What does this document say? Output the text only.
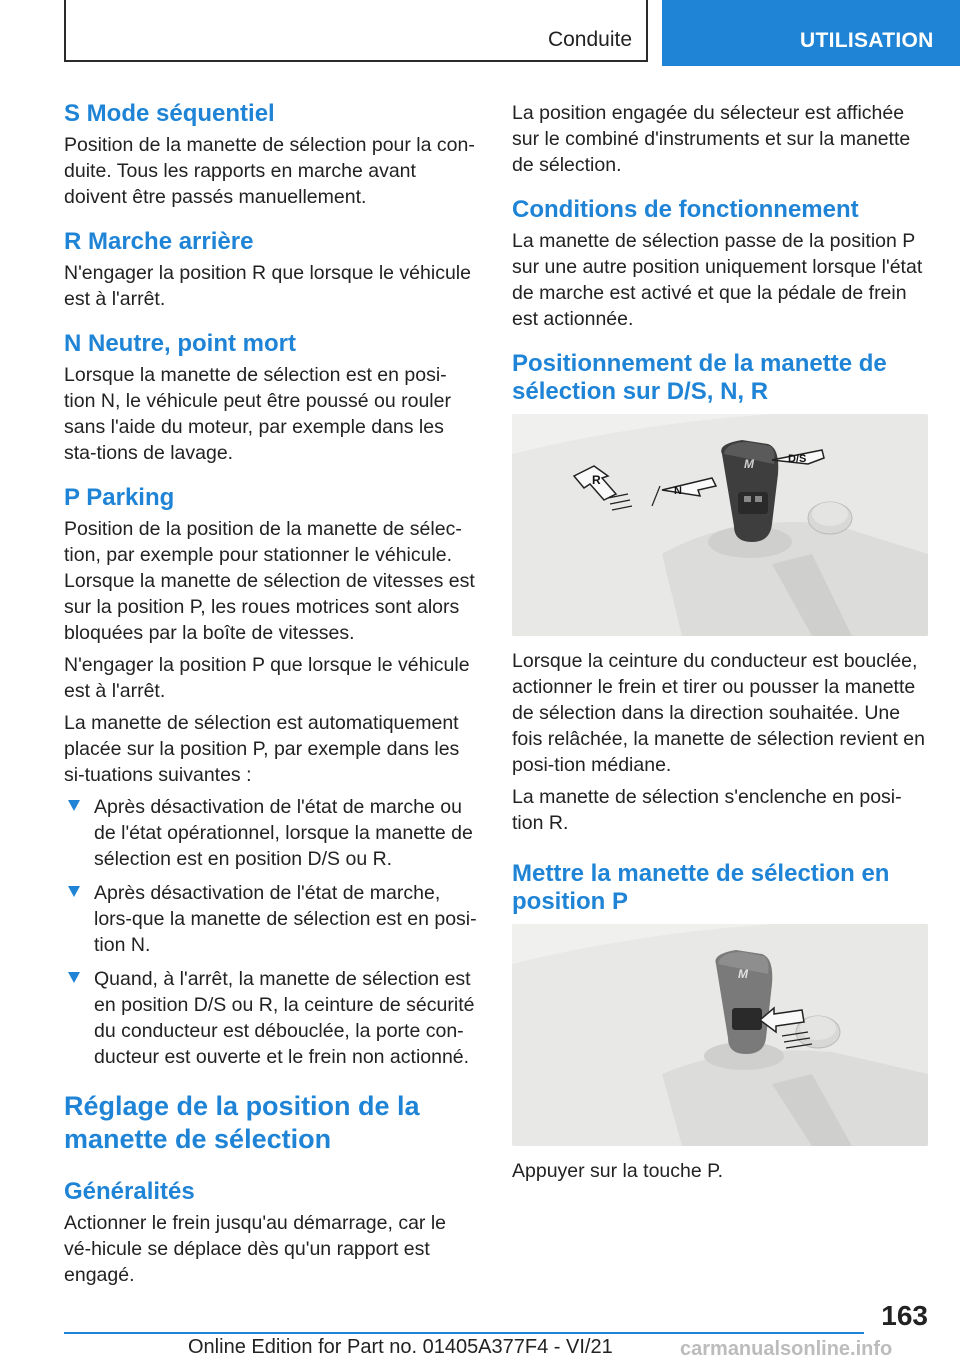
Conduite	UTILISATION
S Mode séquentiel
Position de la manette de sélection pour la con-duite. Tous les rapports en marche avant doivent être passés manuellement.
R Marche arrière
N'engager la position R que lorsque le véhicule est à l'arrêt.
N Neutre, point mort
Lorsque la manette de sélection est en posi-tion N, le véhicule peut être poussé ou rouler sans l'aide du moteur, par exemple dans les sta-tions de lavage.
P Parking
Position de la position de la manette de sélec-tion, par exemple pour stationner le véhicule. Lorsque la manette de sélection de vitesses est sur la position P, les roues motrices sont alors bloquées par la boîte de vitesses.
N'engager la position P que lorsque le véhicule est à l'arrêt.
La manette de sélection est automatiquement placée sur la position P, par exemple dans les si-tuations suivantes :
Après désactivation de l'état de marche ou de l'état opérationnel, lorsque la manette de sélection est en position D/S ou R.
Après désactivation de l'état de marche, lors-que la manette de sélection est en posi-tion N.
Quand, à l'arrêt, la manette de sélection est en position D/S ou R, la ceinture de sécurité du conducteur est débouclée, la porte con-ducteur est ouverte et le frein non actionné.
Réglage de la position de la manette de sélection
Généralités
Actionner le frein jusqu'au démarrage, car le vé-hicule se déplace dès qu'un rapport est engagé.
La position engagée du sélecteur est affichée sur le combiné d'instruments et sur la manette de sélection.
Conditions de fonctionnement
La manette de sélection passe de la position P sur une autre position uniquement lorsque l'état de marche est activé et que la pédale de frein est actionnée.
Positionnement de la manette de sélection sur D/S, N, R
M
R
N
D/S
Lorsque la ceinture du conducteur est bouclée, actionner le frein et tirer ou pousser la manette de sélection dans la direction souhaitée. Une fois relâchée, la manette de sélection revient en posi-tion médiane.
La manette de sélection s'enclenche en posi-tion R.
Mettre la manette de sélection en position P
M
Appuyer sur la touche P.
163
Online Edition for Part no. 01405A377F4 - VI/21	carmanualsonline.info
